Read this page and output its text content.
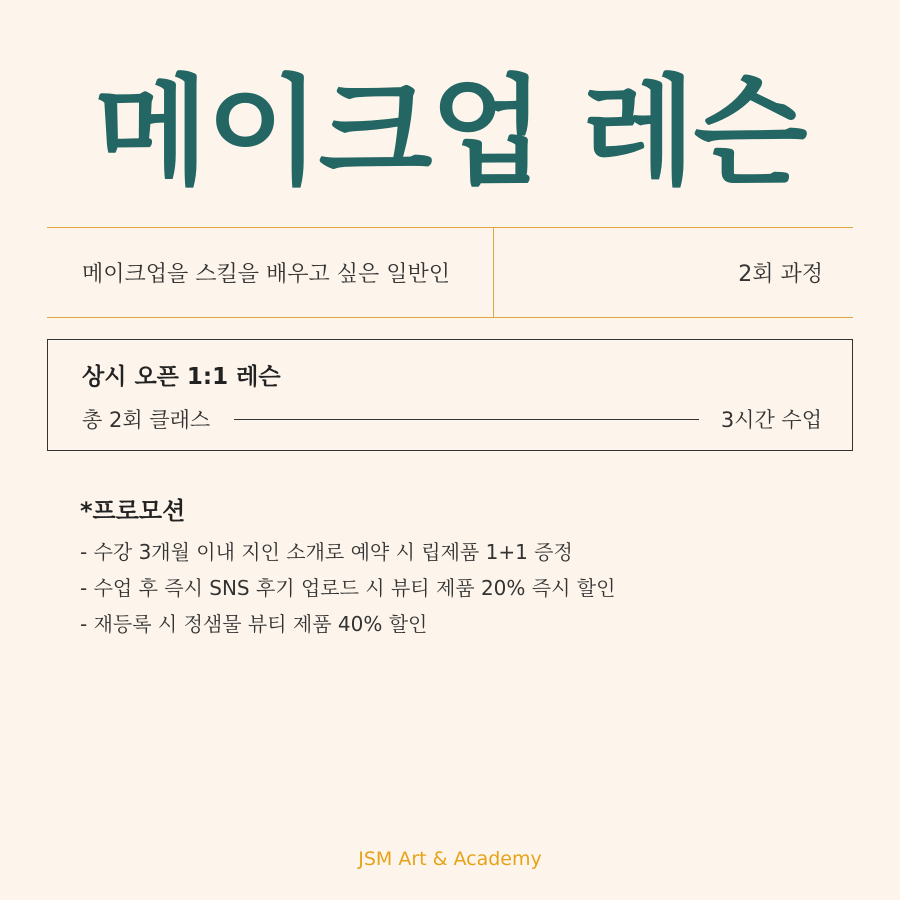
메이크업 레슨
메이크업을 스킬을 배우고 싶은 일반인	2회 과정
상시 오픈 1:1 레슨
총 2회 클래스	3시간 수업
*프로모션
- 수강 3개월 이내 지인 소개로 예약 시 립제품 1+1 증정
- 수업 후 즉시 SNS 후기 업로드 시 뷰티 제품 20% 즉시 할인
- 재등록 시 정샘물 뷰티 제품 40% 할인
JSM Art & Academy
